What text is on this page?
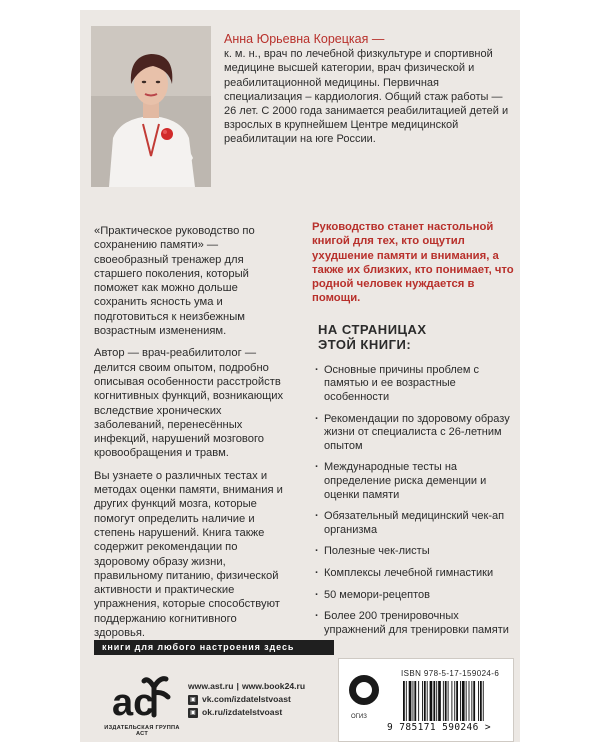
Анна Юрьевна Корецкая —
к. м. н., врач по лечебной физкультуре и спортивной медицине высшей категории, врач физической и реабилитационной медицины. Первичная специализация – кардиология. Общий стаж работы — 26 лет. С 2000 года занимается реабилитацией детей и взрослых в крупнейшем Центре медицинской реабилитации на юге России.

«Практическое руководство по сохранению памяти» — своеобразный тренажер для старшего поколения, который поможет как можно дольше сохранить ясность ума и подготовиться к неизбежным возрастным изменениям.

Автор — врач-реабилитолог — делится своим опытом, подробно описывая особенности расстройств когнитивных функций, возникающих вследствие хронических заболеваний, перенесённых инфекций, нарушений мозгового кровообращения и травм.

Вы узнаете о различных тестах и методах оценки памяти, внимания и других функций мозга, которые помогут определить наличие и степень нарушений. Книга также содержит рекомендации по здоровому образу жизни, правильному питанию, физической активности и практические упражнения, которые способствуют поддержанию когнитивного здоровья.

Руководство станет настольной книгой для тех, кто ощутил ухудшение памяти и внимания, а также их близких, кто понимает, что родной человек нуждается в помощи.
НА СТРАНИЦАХ
ЭТОЙ КНИГИ:
· Основные причины проблем с памятью и ее возрастные особенности
· Рекомендации по здоровому образу жизни от специалиста с 26-летним опытом
· Международные тесты на определение риска деменции и оценки памяти
· Обязательный медицинский чек-ап организма
· Полезные чек-листы
· Комплексы лечебной гимнастики
· 50 мемори-рецептов
· Более 200 тренировочных упражнений для тренировки памяти
книги для любого настроения здесь
ac
ИЗДАТЕЛЬСКАЯ ГРУППА АСТ
www.ast.ru | www.book24.ru
▣ vk.com/izdatelstvoast
▣ ok.ru/izdatelstvoast	ОГИЗ
ISBN 978-5-17-159024-6
9 785171 590246 >
